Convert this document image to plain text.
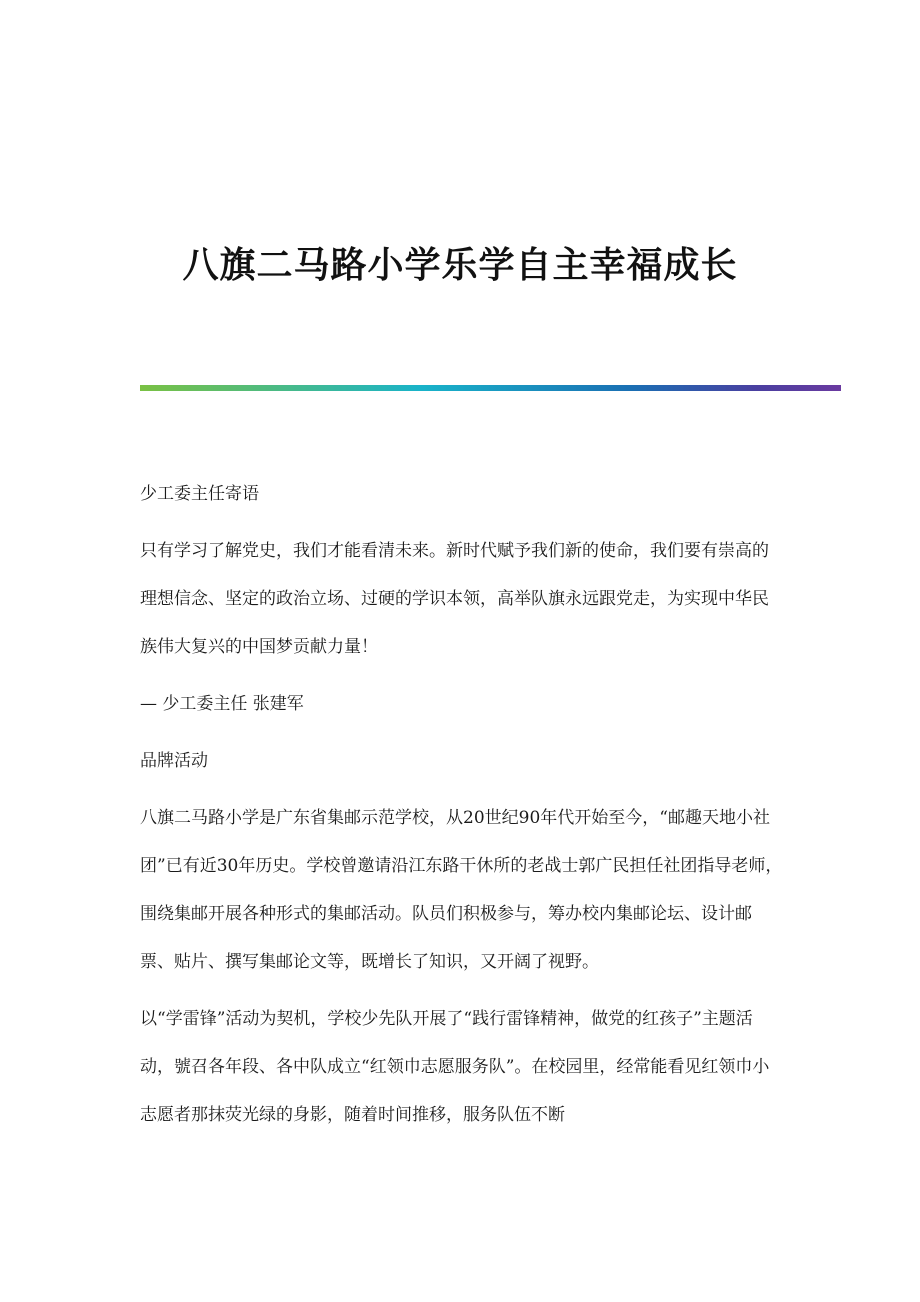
八旗二马路小学乐学自主幸福成长

少工委主任寄语

只有学习了解党史，我们才能看清未来。新时代赋予我们新的使命，我们要有崇高的理想信念、坚定的政治立场、过硬的学识本领，高举队旗永远跟党走，为实现中华民族伟大复兴的中国梦贡献力量！

— 少工委主任 张建军

品牌活动

八旗二马路小学是广东省集邮示范学校，从20世纪90年代开始至今，“邮趣天地小社团”已有近30年历史。学校曾邀请沿江东路干休所的老战士郭广民担任社团指导老师，围绕集邮开展各种形式的集邮活动。队员们积极参与，筹办校内集邮论坛、设计邮票、贴片、撰写集邮论文等，既增长了知识，又开阔了视野。

以“学雷锋”活动为契机，学校少先队开展了“践行雷锋精神，做党的红孩子”主题活动，號召各年段、各中队成立“红领巾志愿服务队”。在校园里，经常能看见红领巾小志愿者那抹荧光绿的身影，随着时间推移，服务队伍不断
